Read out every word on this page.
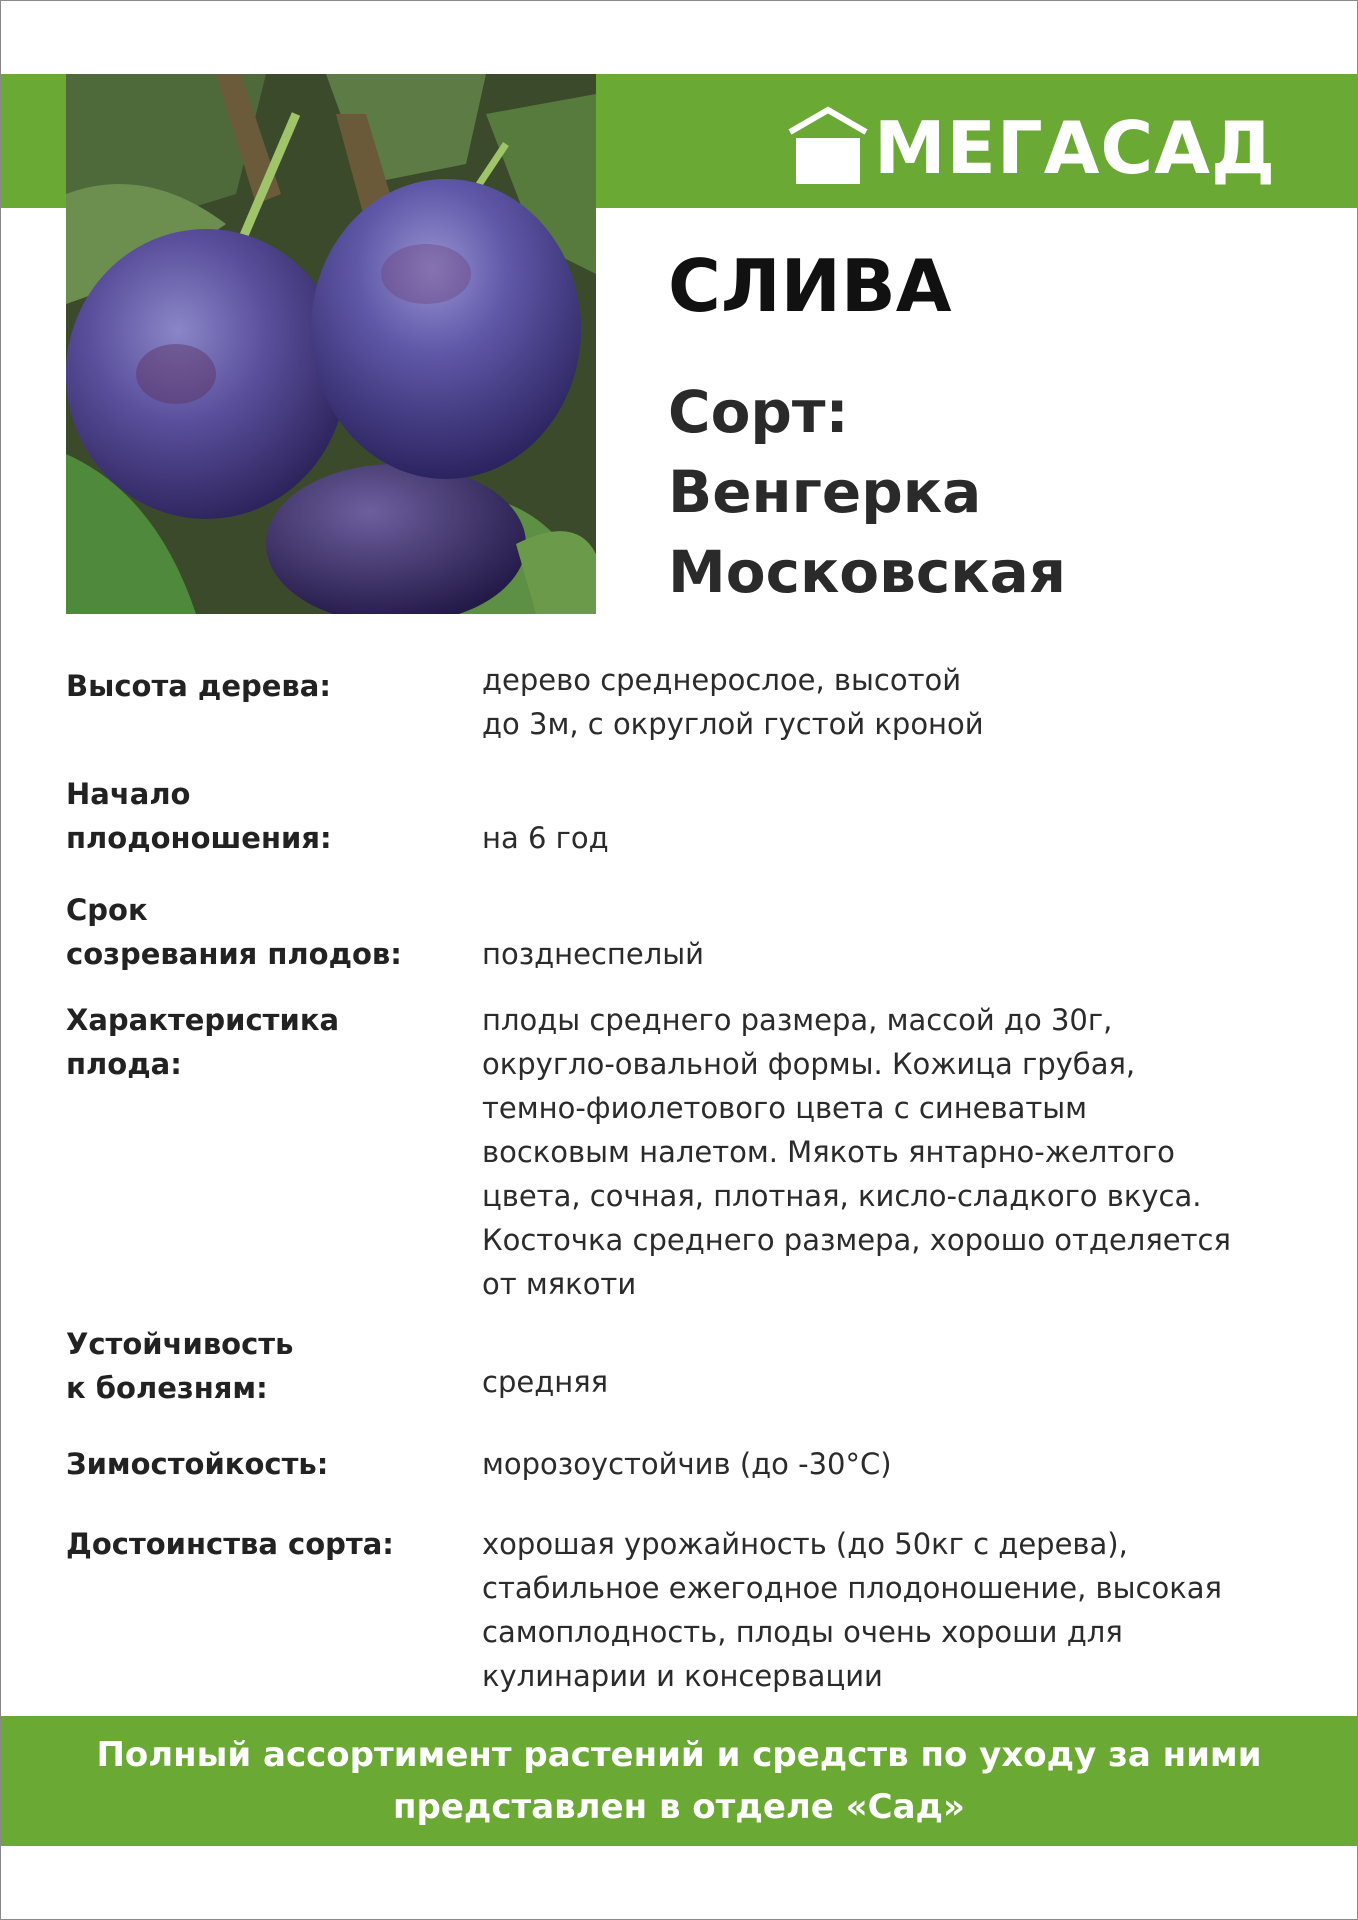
МЕГАСАД
СЛИВА
Сорт:
Венгерка
Московская
Высота дерева:	дерево среднерослое, высотой
до 3м, с округлой густой кроной
Начало
плодоношения:	на 6 год
Срок
созревания плодов:	позднеспелый
Характеристика
плода:
плоды среднего размера, массой до 30г,
округло-овальной формы. Кожица грубая,
темно-фиолетового цвета с синеватым
восковым налетом. Мякоть янтарно-желтого
цвета, сочная, плотная, кисло-сладкого вкуса.
Косточка среднего размера, хорошо отделяется
от мякоти
Устойчивость
к болезням:	средняя
Зимостойкость:	морозоустойчив (до -30°С)
Достоинства сорта:	хорошая урожайность (до 50кг с дерева),
стабильное ежегодное плодоношение, высокая
самоплодность, плоды очень хороши для
кулинарии и консервации
Полный ассортимент растений и средств по уходу за ними
представлен в отделе «Сад»
